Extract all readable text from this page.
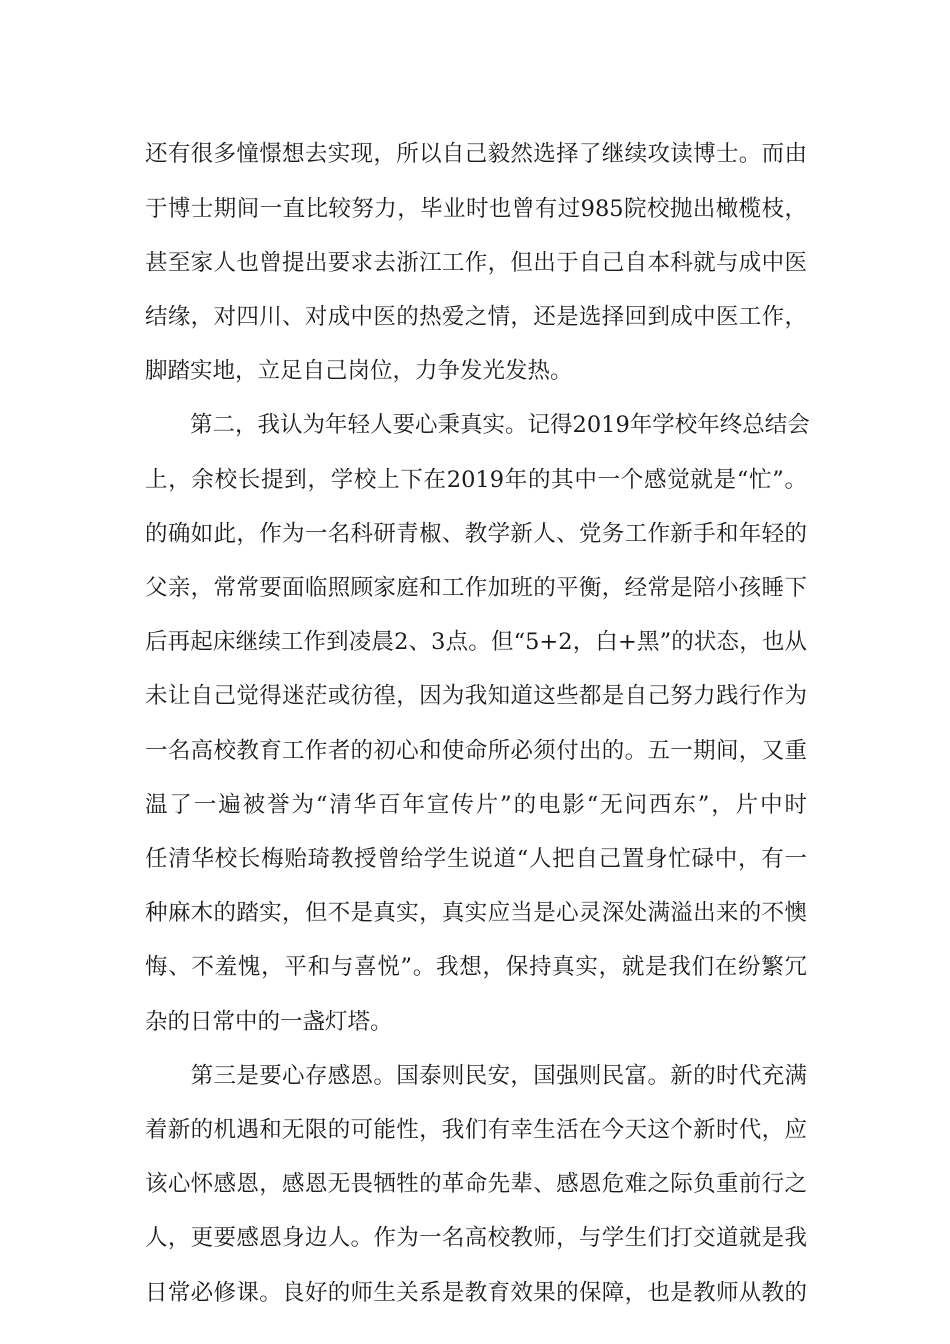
还有很多憧憬想去实现，所以自己毅然选择了继续攻读博士。而由
于博士期间一直比较努力，毕业时也曾有过985院校抛出橄榄枝，
甚至家人也曾提出要求去浙江工作，但出于自己自本科就与成中医
结缘，对四川、对成中医的热爱之情，还是选择回到成中医工作，
脚踏实地，立足自己岗位，力争发光发热。
　　第二，我认为年轻人要心秉真实。记得2019年学校年终总结会
上，余校长提到，学校上下在2019年的其中一个感觉就是“忙”。
的确如此，作为一名科研青椒、教学新人、党务工作新手和年轻的
父亲，常常要面临照顾家庭和工作加班的平衡，经常是陪小孩睡下
后再起床继续工作到凌晨2、3点。但“5+2，白+黑”的状态，也从
未让自己觉得迷茫或彷徨，因为我知道这些都是自己努力践行作为
一名高校教育工作者的初心和使命所必须付出的。五一期间，又重
温了一遍被誉为“清华百年宣传片”的电影“无问西东”，片中时
任清华校长梅贻琦教授曾给学生说道“人把自己置身忙碌中，有一
种麻木的踏实，但不是真实，真实应当是心灵深处满溢出来的不懊
悔、不羞愧，平和与喜悦”。我想，保持真实，就是我们在纷繁冗
杂的日常中的一盏灯塔。
　　第三是要心存感恩。国泰则民安，国强则民富。新的时代充满
着新的机遇和无限的可能性，我们有幸生活在今天这个新时代，应
该心怀感恩，感恩无畏牺牲的革命先辈、感恩危难之际负重前行之
人，更要感恩身边人。作为一名高校教师，与学生们打交道就是我
日常必修课。良好的师生关系是教育效果的保障，也是教师从教的
